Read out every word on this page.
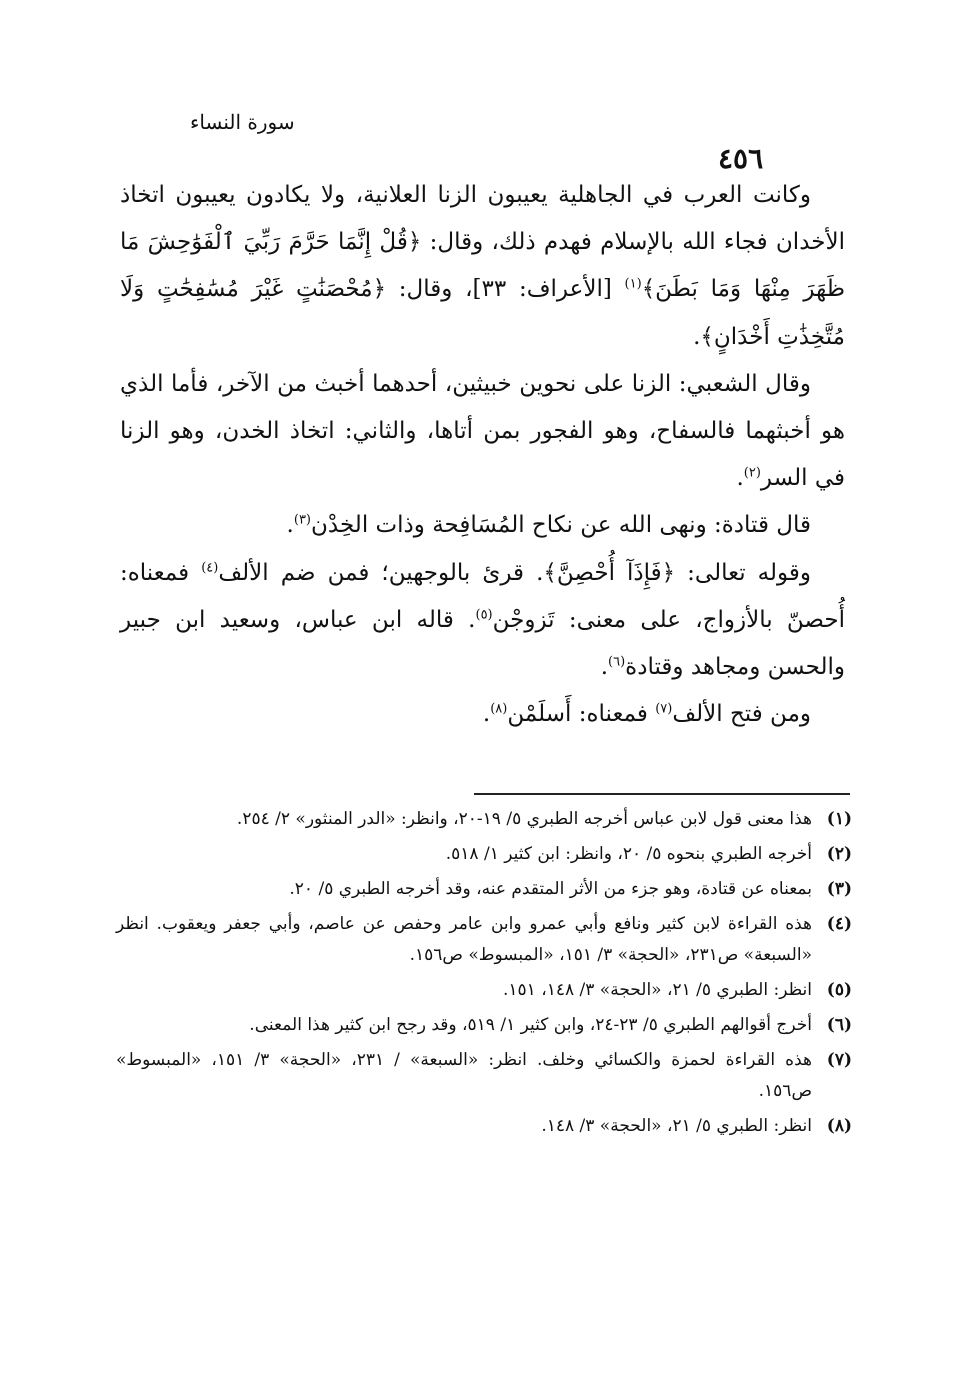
سورة النساء
٤٥٦

وكانت العرب في الجاهلية يعيبون الزنا العلانية، ولا يكادون يعيبون اتخاذ الأخدان فجاء الله بالإسلام فهدم ذلك، وقال: ﴿قُلْ إِنَّمَا حَرَّمَ رَبِّيَ ٱلْفَوَٰحِشَ مَا ظَهَرَ مِنْهَا وَمَا بَطَنَ﴾$^{(١)}$ [الأعراف: ٣٣]، وقال: ﴿مُحْصَنَٰتٍ غَيْرَ مُسَٰفِحَٰتٍ وَلَا مُتَّخِذَٰتِ أَخْدَانٍ﴾.

وقال الشعبي: الزنا على نحوين خبيثين، أحدهما أخبث من الآخر، فأما الذي هو أخبثهما فالسفاح، وهو الفجور بمن أتاها، والثاني: اتخاذ الخدن، وهو الزنا في السر$^{(٢)}$.

قال قتادة: ونهى الله عن نكاح المُسَافِحة وذات الخِدْن$^{(٣)}$.

وقوله تعالى: ﴿فَإِذَآ أُحْصِنَّ﴾. قرئ بالوجهين؛ فمن ضم الألف$^{(٤)}$ فمعناه: أُحصنّ بالأزواج، على معنى: تَزوجْن$^{(٥)}$. قاله ابن عباس، وسعيد ابن جبير والحسن ومجاهد وقتادة$^{(٦)}$.

ومن فتح الألف$^{(٧)}$ فمعناه: أَسلَمْن$^{(٨)}$.

(١)
هذا معنى قول لابن عباس أخرجه الطبري ٥/ ١٩-٢٠، وانظر: «الدر المنثور» ٢/ ٢٥٤.
(٢)
أخرجه الطبري بنحوه ٥/ ٢٠، وانظر: ابن كثير ١/ ٥١٨.
(٣)
بمعناه عن قتادة، وهو جزء من الأثر المتقدم عنه، وقد أخرجه الطبري ٥/ ٢٠.
(٤)
هذه القراءة لابن كثير ونافع وأبي عمرو وابن عامر وحفص عن عاصم، وأبي جعفر ويعقوب. انظر «السبعة» ص٢٣١، «الحجة» ٣/ ١٥١، «المبسوط» ص١٥٦.
(٥)
انظر: الطبري ٥/ ٢١، «الحجة» ٣/ ١٤٨، ١٥١.
(٦)
أخرج أقوالهم الطبري ٥/ ٢٣-٢٤، وابن كثير ١/ ٥١٩، وقد رجح ابن كثير هذا المعنى.
(٧)
هذه القراءة لحمزة والكسائي وخلف. انظر: «السبعة» / ٢٣١، «الحجة» ٣/ ١٥١، «المبسوط» ص١٥٦.
(٨)
انظر: الطبري ٥/ ٢١، «الحجة» ٣/ ١٤٨.
